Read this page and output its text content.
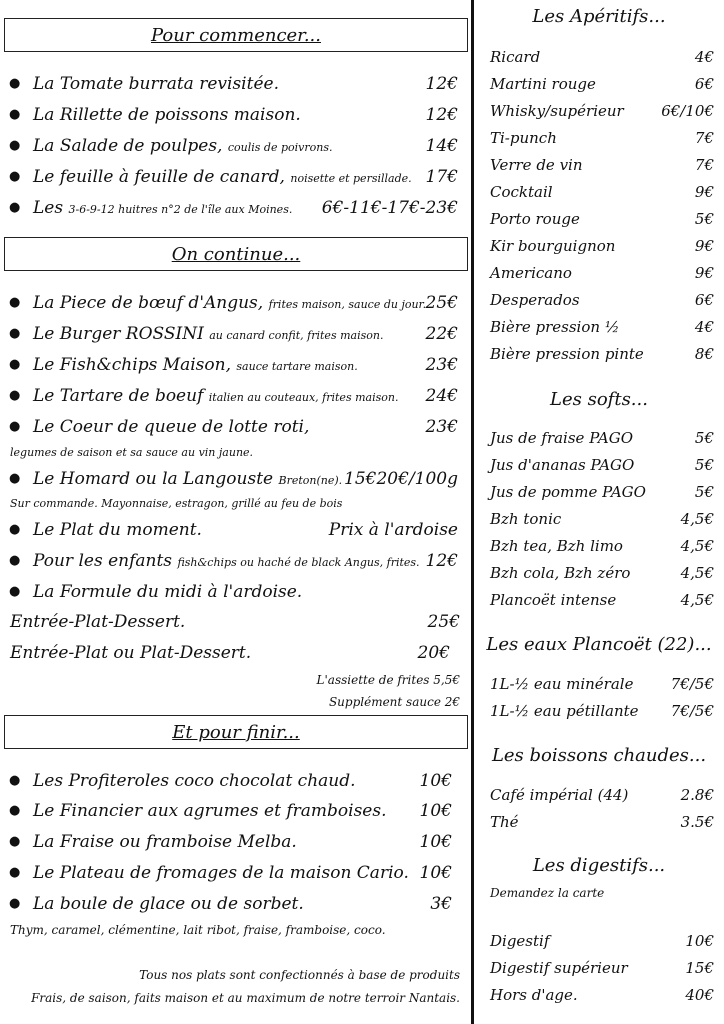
Pour commencer...
● La Tomate burrata revisitée.	12€
● La Rillette de poissons maison.	12€
● La Salade de poulpes, coulis de poivrons.	14€
● Le feuille à feuille de canard, noisette et persillade. 17€
● Les 3-6-9-12 huitres n°2 de l'île aux Moines. 6€-11€-17€-23€
On continue...
● La Piece de bœuf d'Angus, frites maison, sauce du jour. 25€
● Le Burger ROSSINI au canard confit, frites maison. 22€
● Le Fish&chips Maison, sauce tartare maison.	23€
● Le Tartare de boeuf italien au couteaux, frites maison. 24€
● Le Coeur de queue de lotte roti,	23€
legumes de saison et sa sauce au vin jaune.
● Le Homard ou la Langouste Breton(ne). 15€20€/100g
Sur commande. Mayonnaise, estragon, grillé au feu de bois
● Le Plat du moment.	Prix à l'ardoise
● Pour les enfants fish&chips ou haché de black Angus, frites. 12€
● La Formule du midi à l'ardoise.
Entrée-Plat-Dessert.	25€
Entrée-Plat ou Plat-Dessert.	20€
L'assiette de frites 5,5€
Supplément sauce 2€
Et pour finir...
● Les Profiteroles coco chocolat chaud.	10€
● Le Financier aux agrumes et framboises. 10€
● La Fraise ou framboise Melba.	10€
● Le Plateau de fromages de la maison Cario. 10€
● La boule de glace ou de sorbet.	3€
Thym, caramel, clémentine, lait ribot, fraise, framboise, coco.
Tous nos plats sont confectionnés à base de produits
Frais, de saison, faits maison et au maximum de notre terroir Nantais.
Les Apéritifs...
Ricard	4€
Martini rouge	6€
Whisky/supérieur	6€/10€
Ti-punch	7€
Verre de vin	7€
Cocktail	9€
Porto rouge	5€
Kir bourguignon	9€
Americano	9€
Desperados	6€
Bière pression ½	4€
Bière pression pinte	8€
Les softs...
Jus de fraise PAGO	5€
Jus d'ananas PAGO	5€
Jus de pomme PAGO	5€
Bzh tonic	4,5€
Bzh tea, Bzh limo	4,5€
Bzh cola, Bzh zéro	4,5€
Plancoët intense	4,5€
Les eaux Plancoët (22)...
1L-½ eau minérale 7€/5€
1L-½ eau pétillante 7€/5€
Les boissons chaudes...
Café impérial (44)	2.8€
Thé	3.5€
Les digestifs...
Demandez la carte
Digestif	10€
Digestif supérieur	15€
Hors d'age.	40€
